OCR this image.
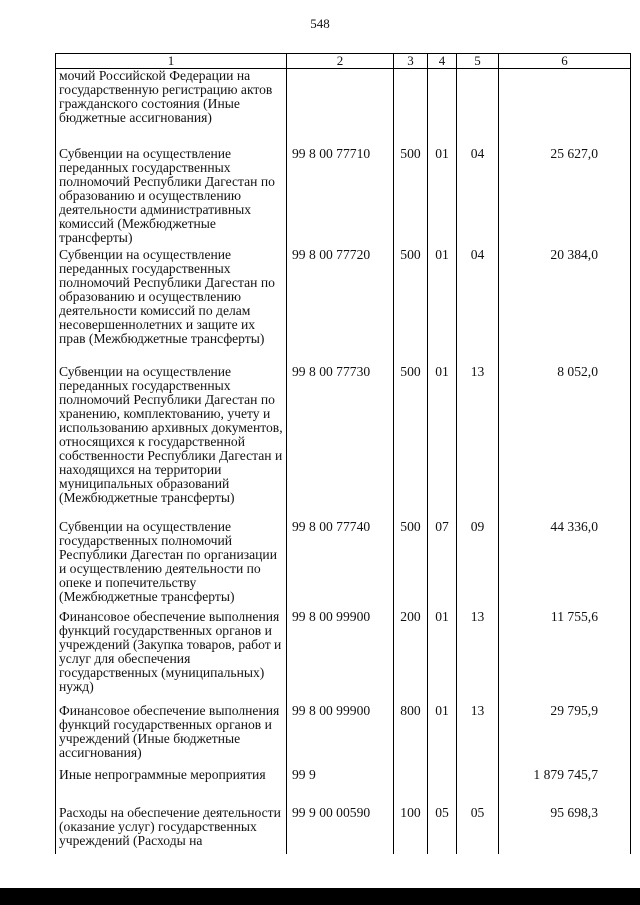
548
1	2	3	4	5	6
мочий Российской Федерации на государственную регистрацию актов гражданского состояния (Иные бюджетные ассигнования)					
Субвенции на осуществление переданных государственных полномочий Республики Дагестан по образованию и осуществлению деятельности административных комиссий (Межбюджетные трансферты)	99 8 00 77710	500	01	04	25 627,0
Субвенции на осуществление переданных государственных полномочий Республики Дагестан по образованию и осуществлению деятельности комиссий по делам несовершеннолетних и защите их прав (Межбюджетные трансферты)	99 8 00 77720	500	01	04	20 384,0
Субвенции на осуществление переданных государственных полномочий Республики Дагестан по хранению, комплектованию, учету и использованию архивных документов, относящихся к государственной собственности Республики Дагестан и находящихся на территории муниципальных образований (Межбюджетные трансферты)	99 8 00 77730	500	01	13	8 052,0
Субвенции на осуществление государственных полномочий Республики Дагестан по организации и осуществлению деятельности по опеке и попечительству (Межбюджетные трансферты)	99 8 00 77740	500	07	09	44 336,0
Финансовое обеспечение выполнения функций государственных органов и учреждений (Закупка товаров, работ и услуг для обеспечения государственных (муниципальных) нужд)	99 8 00 99900	200	01	13	11 755,6
Финансовое обеспечение выполнения функций государственных органов и учреждений (Иные бюджетные ассигнования)	99 8 00 99900	800	01	13	29 795,9
Иные непрограммные мероприятия	99 9				1 879 745,7
Расходы на обеспечение деятельности (оказание услуг) государственных учреждений (Расходы на	99 9 00 00590	100	05	05	95 698,3
